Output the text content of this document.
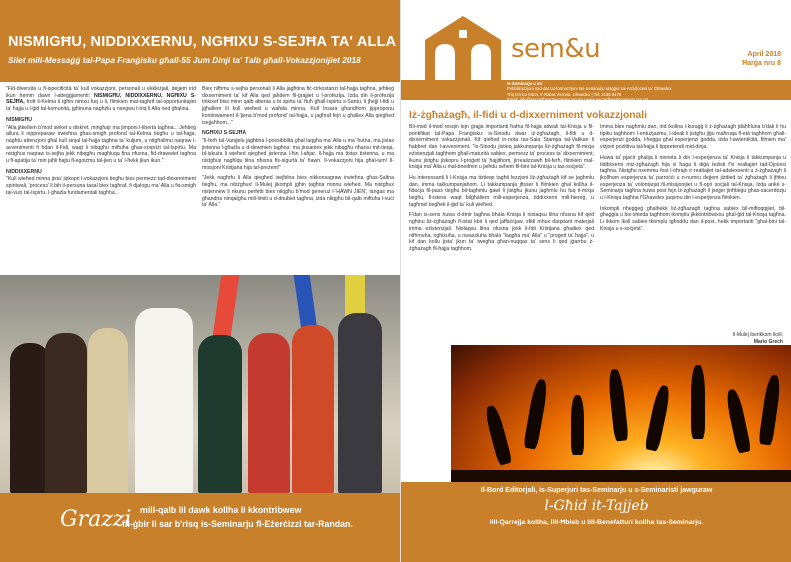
NISMIGĦU, NIDDIXXERNU, NGĦIXU S-SEJĦA TA' ALLA
Silet mill-Messaġġ tal-Papa Franġisku għall-55 Jum Dinji ta' Talb għall-Vokazzjonijiet 2018

"Fid-diversità u fl-ispeċifiċità ta' kull vokazzjoni, personali u ekkleżjali, dejjem irid ikun hemm dawn l-atteġġjamenti: NISMIGĦU, NIDDIXXERNU, NGĦIXU S-SEJĦA, frott il-Kelma li tgħin nimxu fuq u li, flimkien mat-tagħrif tal-opportunitajiet ta' ħajja u l-ġid tal-komunità, jgħinuna nagħżlu u nsegwu t-triq li Alla ried għalina.

NISMIGĦU

"Alla jitkellem b'mod sieket u diskret, mingħajr ma jimponi l-libertà tagħna... Jeħtieġ allura li nippreparaw irwieħna għas-smigħ profond tal-Kelma tiegħu u tal-ħajja, nagħtu attenzjoni għal kull sinjal tal-ħajja tagħna ta' kuljum, u nitgħallmu naqraw l-avvenimenti fi ħdan il-Fidi, waqt li nibqgħu miftuħa għas-sorpriżi tal-Ispirtu. Ma nistgħux naqraw is-sejħa jekk nibqgħu magħluqa fina nfusna, fid-drawwiet tagħna u fl-apatija ta' min jaħli ħajtu fl-egoiżmu tal-jien u ta' l-ħekk jkun ikun."

NIDDIXXERNU

"Kull wieħed minna jista' jiskopri l-vokazzjoni tiegħu biss permezz tad-dixxerniment spiritwali, 'proċess' li bih il-persuna tasal biex tagħraf, fi djalogu ma' Alla u fis-smigħ tal-vuċi tal-Ispirtu, l-għażla fundamentali tagħha...

Biex nifhmu s-sejħa personali li Alla jagħtina fiċ-ċirkostanzi tal-ħajja tagħna, jeħtieġ dixxerniment ta' kif Alla qed jaħdem fil-ġrajjiet u l-profezija. Iżda din il-profezija tinkixef biss minn qalb attenta u bi spirtu ta' ftuħ għall-Ispirtu s-Santu, li jħejji l-fidi u jgħallem lil kull wieħed u waħda minna. Kull Insara għandhom jipproponu kontinwament il-'jiena b'mod profond' tal-ħajja, u jagħraf fejn u għaliex Alla qiegħed isejjaħhom..."

NGĦIXU S-SEJĦA

"Il-ferħ tal-Vanġelu jagħtina l-possibbiltà għal laqgħa ma' Alla u ma' ħutna, ma jistax jistenna l-għażla u d-dewmien tagħna; ma jinsaniex jekk nibqgħu nħarsu mit-tieqa, bl-iskuża li wieħed qiegħed jistenna l-ħin l-aħjar. Il-ħajja ma tistax tistenna, u ma nistgħux nagħlqu lilna nfusna fis-sigurtà ta' hawn. Il-vokazzjoni hija għal-lum! Il-missjoni Kristjana hija tal-preżent!"

"Jekk nagħrfu li Alla qiegħed isejħilna biex nikkonsagraw irwieħna għas-Saltna tiegħu, ma nibżgħux! Il-Mulej jikompli jgħin tagħna minnu wieħed. Ma nistgħux nistennew li nkunu perfetti biex nilqgħu b'mod ġeneruż l-'HAWN JIEN', langas ma għandna ninqatgħu mill-limiti u d-dnubiet tagħna, iżda nilqgħu bil-qalb miftuħa l-vuċi ta' Alla."

Grazzi mill-qalb lil dawk kollha li kkontribwew
fil-ġbir li sar b'risq is-Seminarju fl-Eżerċizzi tar-Randan.
sem&u	April 2018
Ħarġa nru 8
Is-Seminarju u Int
Pubblikazzjoni mid-dar tal-formazzjoni tas-Seminarju Maġġur tal-Arċidjoċesi ta' Għawdex
Triq Enrico Mizzi, Ir-Rabat Victoria, Għawdex | Tel: 2155 6479
Email: info@sacredheartseminary.org.mt | www.sacredheartseminary.org.mt
Iż-żgħażagħ, il-fidi u d-dixxerniment vokazzjonali

Bil-mod il-mod resqin lejn ġrajja importanti ħafna fil-ħajja attwali tal-Knisja u fil-pontifikat tal-Papa Franġisku: is-Sinodu dwar iż-żgħażagħ, il-fidi u d-dixxerniment vokazzjonali. Kif qieħed in-nota tas-Sala Stampa tal-Vatikan li ħabbret dan l-avveniment, "is-Sinodu jixtieq jakkumpanja liż-żgħażagħ fil-mixja eżistenzjali tagħhom għall-maturità sabiex, permezz ta' proċess ta' dixxerniment, ikunu jistgħu jiskopru l-proġett ta' ħajjithom, jirrealizzawh bil-ferħ, flimkien mal-knisja ma' Alla u mal-bnedmin u jieħdu sehem fil-bini tal-Knisja u tas-soċjetà".

Hu interessanti li l-Knisja ma tixtieqx tagħti lezzjoni liż-żgħażagħ kif se jagħmlu dan, imma takkumpanjahom. Li takkumpanja jfisser li flimkien għal kollha il-fiduċja fil-pass tiegħu bil-tagħmlu ġawl li jistgħu jkunu jagħmlu hu fuq il-mixja tiegħu, fl-istess waqt bilgħallem mill-esperjenza, tiddixxerni mill-ħiereġ, u tagħmel tiegħek il-ġid ta' kull wieħed.

F'dan is-sens huwa d-dmir tagħna bħala Knisja li nistaqsu lilna nfusna kif qed ngħinu liż-żgħażagħ fl-istat kbir li qed jaffaċċjaw, sfidi mhux daqstant materjali imma eżistenzjali. Nistaqsu lilna nfusna jekk il-fidi Kristjana għadiex qed nifhmuha, ngħixuha, u nwassluha bħala "laqgħa ma' Alla" u "proġett ta' ħajja", u kif dan kollu jista' jkun ta' twegħa għan-nuqqas ta' sens li qed jġarrbu ż-żgħażagħ fil-ħajja tagħhom.

Imma biex nagħmlu dan, irid ikollna l-kuraġġ li ż-żgħażagħ jdaħħluna b'dak li hu tipiku tagħhom: l-entużjażmu, l-ideali li jistgħu jiġu maħruqa fl-età tagħhom għall-esperjenzi ġodda, l-ħeġġa għal esperjenzi ġodda, iżda l-awtentiċità, filmien ma' viżjoni pożittiva tal-ħajja li tippretendi mid-dinja.

Huwa ta' pjaċir għalija li ninnota li din l-esperjenza ta' Knisja li takkumpanja u tiddixxerni miż-żgħażagħ hija xi ħaġa li diġà teżisti f'xi realtajiet tad-Djoċesi tagħna. Nistgħu nsemmu fost l-oħrajn ir-realtajiet tal-adolexxenti u ż-żgħażagħ li jkollhom esperjenza ta' parroċċi u n-numru dejjem jiżdied ta' żgħażagħ li jfittxu esperjenza ta' volontarjat fil-missjonijiet u fl-opri soċjali tal-Knisja. Iżda ankè s-Seminarju tagħna huwa post fejn iż-żgħażagħ li jsejjer jinħtieġu għas-sacerdozju u l-Knisja tagħna f'Għawdex jaqsmu din l-esperjenza flimkien.

Inkompli nħeġġeġ għalhekk liż-żgħażagħ tagħna sabiex bil-miftoqqijiet, bil-għaġġla u bix-xhieda tagħhom ikomplu jikkontribwixxu għal-ġid tal-Knisja tagħna. Li ikkom lkoll sabiex tkomplu tgħoddu dan il-post, hekk importanti "għal-bini tal-Knisja u s-soċjetà".

Il-Mulej iberikkom lkoll,
Mario Grech
Il-Bord Editorjali, is-Superjuri tas-Seminarju u s-Seminaristi jawguraw
l-Għid it-Tajjeb
lill-Qarrejja kollha, lill-Ħbieb u lill-Benefatturi kollha tas-Seminarju.
